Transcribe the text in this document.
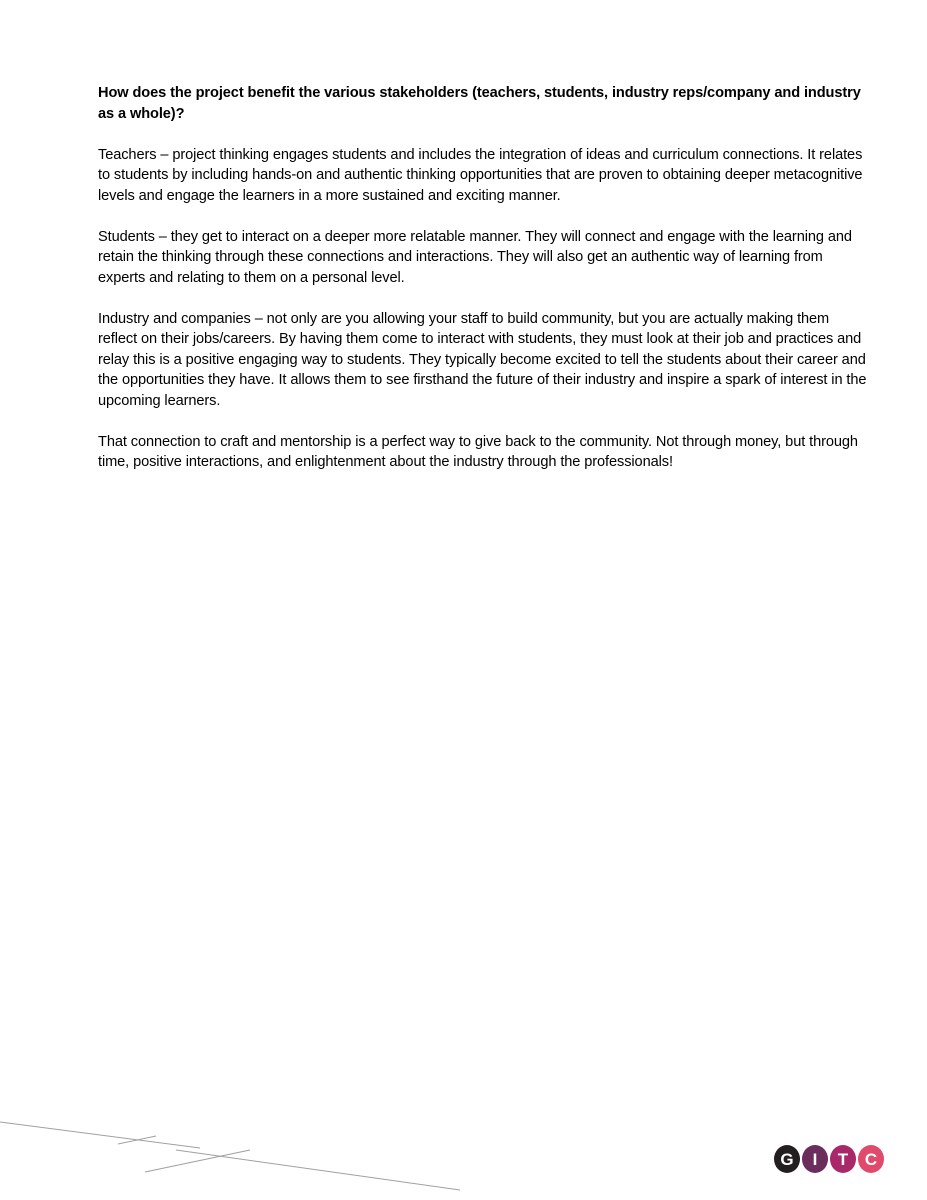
How does the project benefit the various stakeholders (teachers, students, industry reps/company and industry as a whole)?

Teachers – project thinking engages students and includes the integration of ideas and curriculum connections. It relates to students by including hands-on and authentic thinking opportunities that are proven to obtaining deeper metacognitive levels and engage the learners in a more sustained and exciting manner.

Students – they get to interact on a deeper more relatable manner. They will connect and engage with the learning and retain the thinking through these connections and interactions. They will also get an authentic way of learning from experts and relating to them on a personal level.

Industry and companies – not only are you allowing your staff to build community, but you are actually making them reflect on their jobs/careers. By having them come to interact with students, they must look at their job and practices and relay this is a positive engaging way to students. They typically become excited to tell the students about their career and the opportunities they have. It allows them to see firsthand the future of their industry and inspire a spark of interest in the upcoming learners.

That connection to craft and mentorship is a perfect way to give back to the community. Not through money, but through time, positive interactions, and enlightenment about the industry through the professionals!

G	I	T C
